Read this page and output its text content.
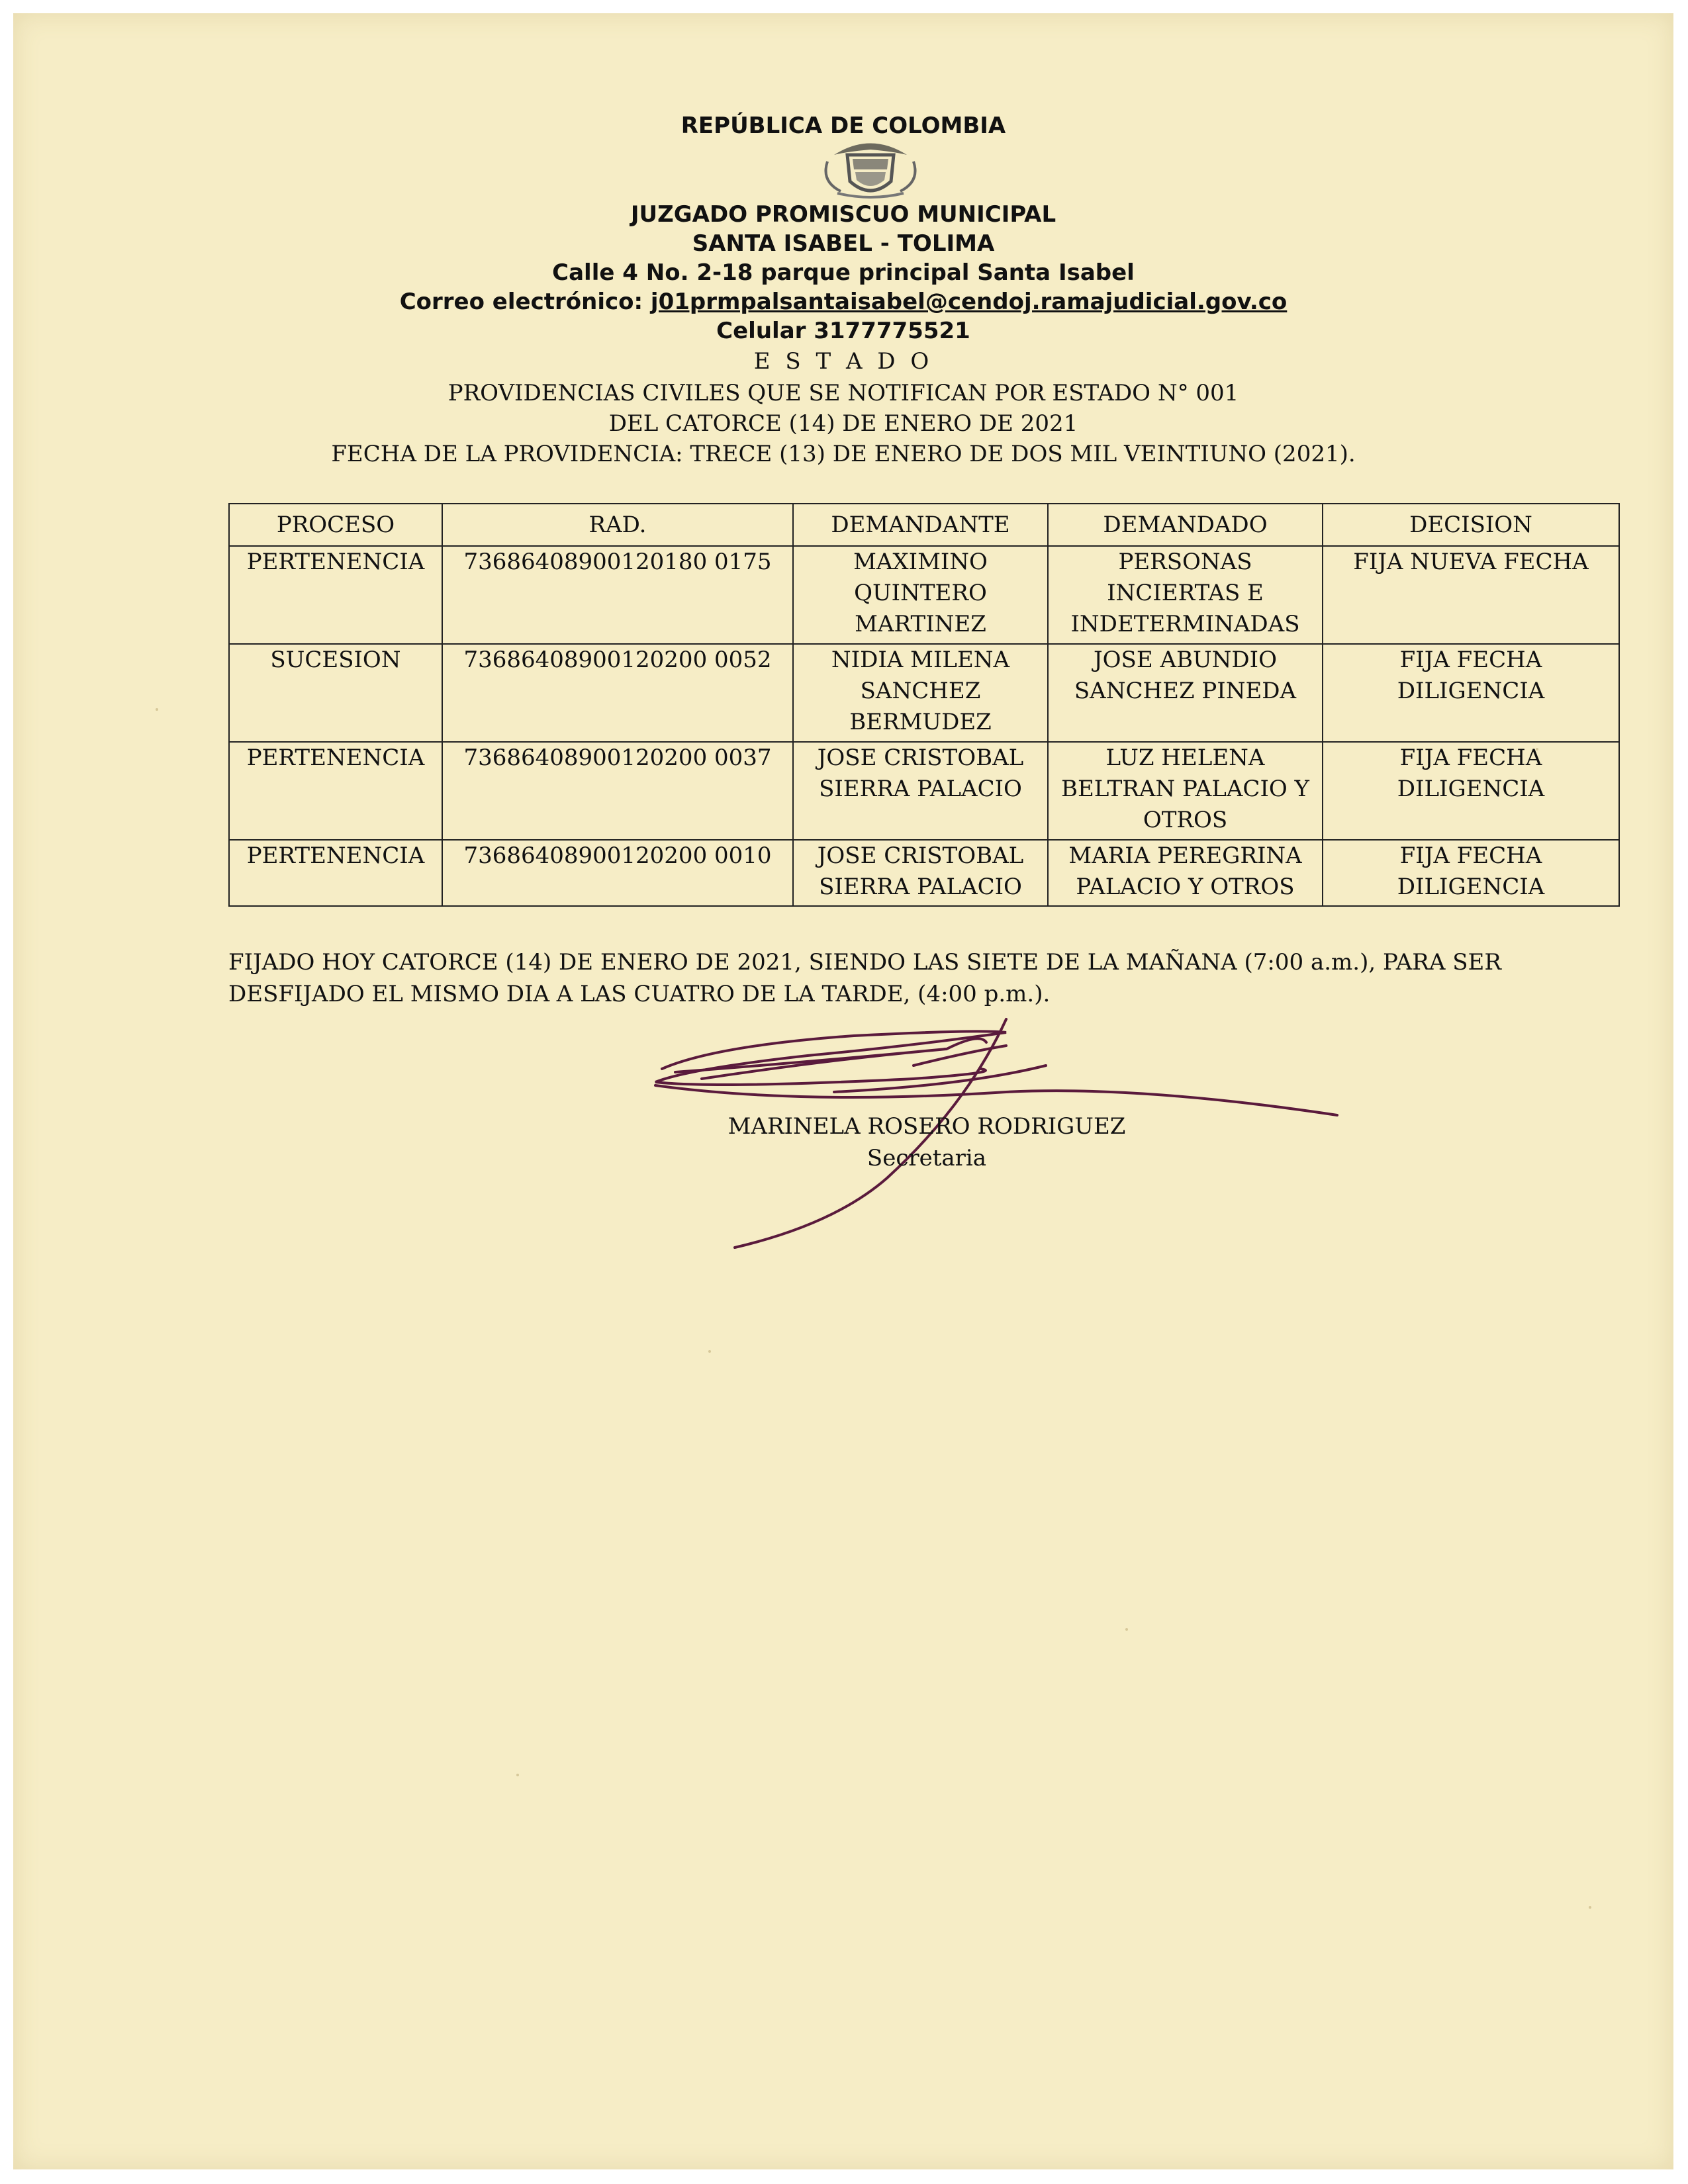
REPÚBLICA DE COLOMBIA

JUZGADO PROMISCUO MUNICIPAL

SANTA ISABEL - TOLIMA

Calle 4 No. 2-18 parque principal Santa Isabel

Correo electrónico: j01prmpalsantaisabel@cendoj.ramajudicial.gov.co

Celular 3177775521

E S T A D O

PROVIDENCIAS CIVILES QUE SE NOTIFICAN POR ESTADO N° 001

DEL CATORCE (14) DE ENERO DE 2021

FECHA DE LA PROVIDENCIA: TRECE (13) DE ENERO DE DOS MIL VEINTIUNO (2021).

PROCESO	RAD.	DEMANDANTE	DEMANDADO	DECISION
PERTENENCIA	73686408900120180 0175	MAXIMINO QUINTERO MARTINEZ	PERSONAS INCIERTAS E INDETERMINADAS	FIJA NUEVA FECHA
SUCESION	73686408900120200 0052	NIDIA MILENA SANCHEZ BERMUDEZ	JOSE ABUNDIO SANCHEZ PINEDA	FIJA FECHA DILIGENCIA
PERTENENCIA	73686408900120200 0037	JOSE CRISTOBAL SIERRA PALACIO	LUZ HELENA BELTRAN PALACIO Y OTROS	FIJA FECHA DILIGENCIA
PERTENENCIA	73686408900120200 0010	JOSE CRISTOBAL SIERRA PALACIO	MARIA PEREGRINA PALACIO Y OTROS	FIJA FECHA DILIGENCIA
FIJADO HOY CATORCE (14) DE ENERO DE 2021, SIENDO LAS SIETE DE LA MAÑANA (7:00 a.m.), PARA SER
DESFIJADO EL MISMO DIA A LAS CUATRO DE LA TARDE, (4:00 p.m.).

MARINELA ROSERO RODRIGUEZ

Secretaria
